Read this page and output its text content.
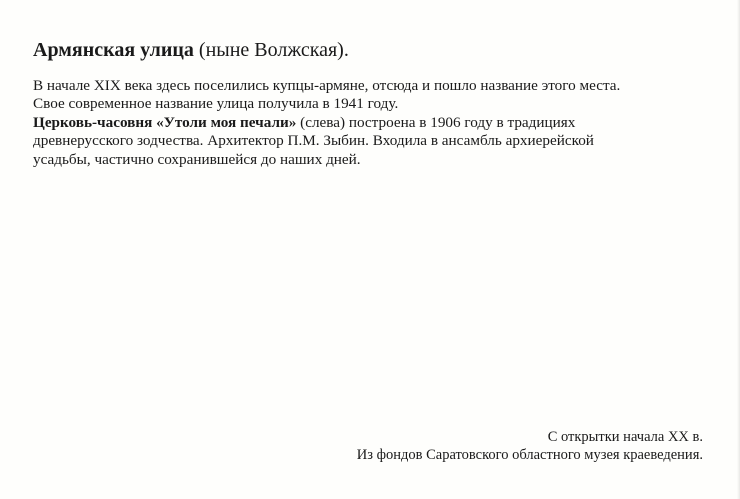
Армянская улица (ныне Волжская).

В начале XIX века здесь поселились купцы-армяне, отсюда и пошло название этого места.

Свое современное название улица получила в 1941 году.

Церковь-часовня «Утоли моя печали» (слева) построена в 1906 году в традициях

древнерусского зодчества. Архитектор П.М. Зыбин. Входила в ансамбль архиерейской

усадьбы, частично сохранившейся до наших дней.

С открытки начала XX в.
Из фондов Саратовского областного музея краеведения.
